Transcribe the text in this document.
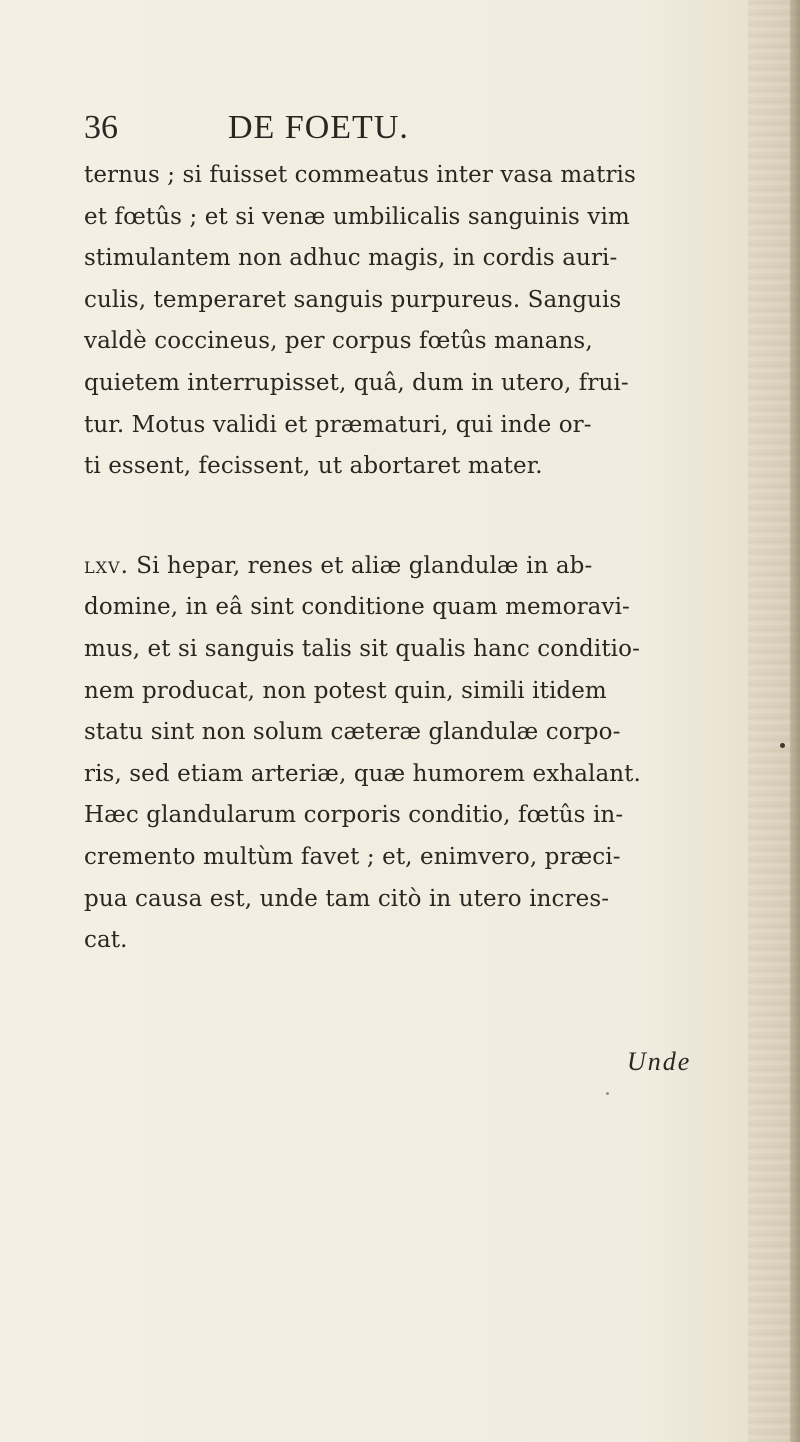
36	DE FOETU.
ternus ; si fuisset commeatus inter vasa matris
et fœtûs ; et si venæ umbilicalis sanguinis vim
stimulantem non adhuc magis, in cordis auri-
culis, temperaret sanguis purpureus. Sanguis
valdè coccineus, per corpus fœtûs manans,
quietem interrupisset, quâ, dum in utero, frui-
tur. Motus validi et præmaturi, qui inde or-
ti essent, fecissent, ut abortaret mater.
lxv. Si hepar, renes et aliæ glandulæ in ab-
domine, in eâ sint conditione quam memoravi-
mus, et si sanguis talis sit qualis hanc conditio-
nem producat, non potest quin, simili itidem
statu sint non solum cæteræ glandulæ corpo-
ris, sed etiam arteriæ, quæ humorem exhalant.
Hæc glandularum corporis conditio, fœtûs in-
cremento multùm favet ; et, enimvero, præci-
pua causa est, unde tam citò in utero incres-
cat.
Unde
